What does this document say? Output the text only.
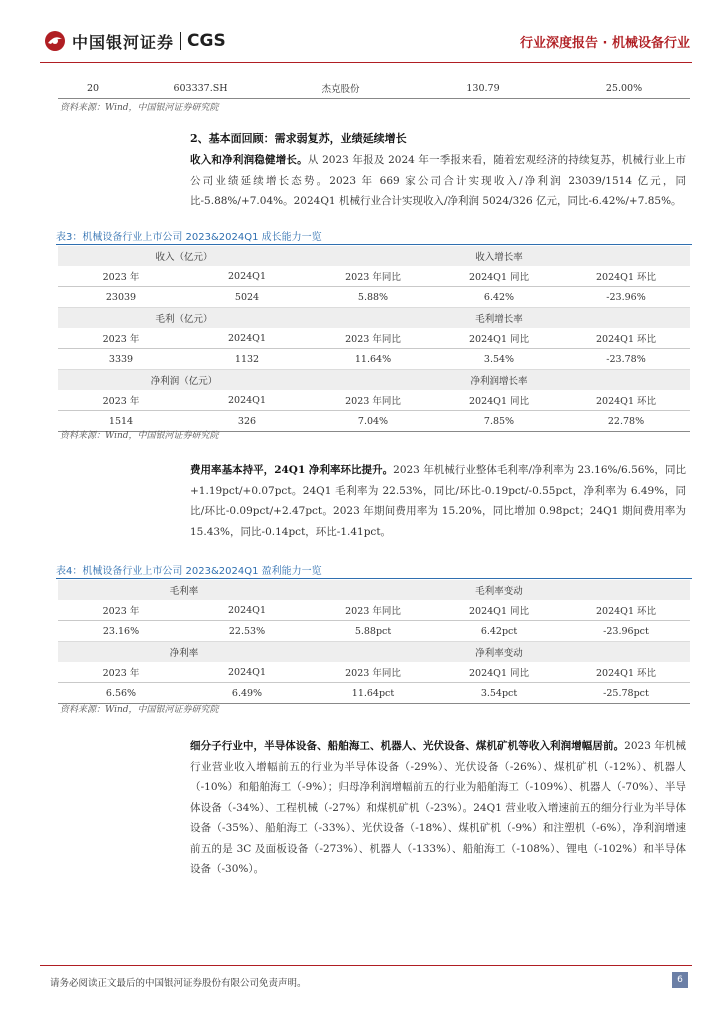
中国银河证券 CGS	行业深度报告 · 机械设备行业
20	603337.SH	杰克股份	130.79	25.00%
资料来源：Wind，中国银河证券研究院
2、基本面回顾：需求弱复苏，业绩延续增长
收入和净利润稳健增长。从 2023 年报及 2024 年一季报来看，随着宏观经济的持续复苏，机械行业上市公司业绩延续增长态势。2023 年 669 家公司合计实现收入/净利润 23039/1514 亿元，同比-5.88%/+7.04%。2024Q1 机械行业合计实现收入/净利润 5024/326 亿元，同比-6.42%/+7.85%。
表3：机械设备行业上市公司 2023&2024Q1 成长能力一览
收入（亿元）			收入增长率	
2023 年	2024Q1	2023 年同比	2024Q1 同比	2024Q1 环比
23039	5024	5.88%	6.42%	-23.96%
毛利（亿元）			毛利增长率	
2023 年	2024Q1	2023 年同比	2024Q1 同比	2024Q1 环比
3339	1132	11.64%	3.54%	-23.78%
净利润（亿元）			净利润增长率	
2023 年	2024Q1	2023 年同比	2024Q1 同比	2024Q1 环比
1514	326	7.04%	7.85%	22.78%
资料来源：Wind，中国银河证券研究院
费用率基本持平，24Q1 净利率环比提升。2023 年机械行业整体毛利率/净利率为 23.16%/6.56%，同比+1.19pct/+0.07pct。24Q1 毛利率为 22.53%，同比/环比-0.19pct/-0.55pct，净利率为 6.49%，同比/环比-0.09pct/+2.47pct。2023 年期间费用率为 15.20%，同比增加 0.98pct；24Q1 期间费用率为 15.43%，同比-0.14pct，环比-1.41pct。
表4：机械设备行业上市公司 2023&2024Q1 盈利能力一览
毛利率			毛利率变动	
2023 年	2024Q1	2023 年同比	2024Q1 同比	2024Q1 环比
23.16%	22.53%	5.88pct	6.42pct	-23.96pct
净利率			净利率变动	
2023 年	2024Q1	2023 年同比	2024Q1 同比	2024Q1 环比
6.56%	6.49%	11.64pct	3.54pct	-25.78pct
资料来源：Wind，中国银河证券研究院
细分子行业中，半导体设备、船舶海工、机器人、光伏设备、煤机矿机等收入利润增幅居前。2023 年机械行业营业收入增幅前五的行业为半导体设备（-29%）、光伏设备（-26%）、煤机矿机（-12%）、机器人（-10%）和船舶海工（-9%）；归母净利润增幅前五的行业为船舶海工（-109%）、机器人（-70%）、半导体设备（-34%）、工程机械（-27%）和煤机矿机（-23%）。24Q1 营业收入增速前五的细分行业为半导体设备（-35%）、船舶海工（-33%）、光伏设备（-18%）、煤机矿机（-9%）和注塑机（-6%），净利润增速前五的是 3C 及面板设备（-273%）、机器人（-133%）、船舶海工（-108%）、锂电（-102%）和半导体设备（-30%）。
请务必阅读正文最后的中国银河证券股份有限公司免责声明。	6
